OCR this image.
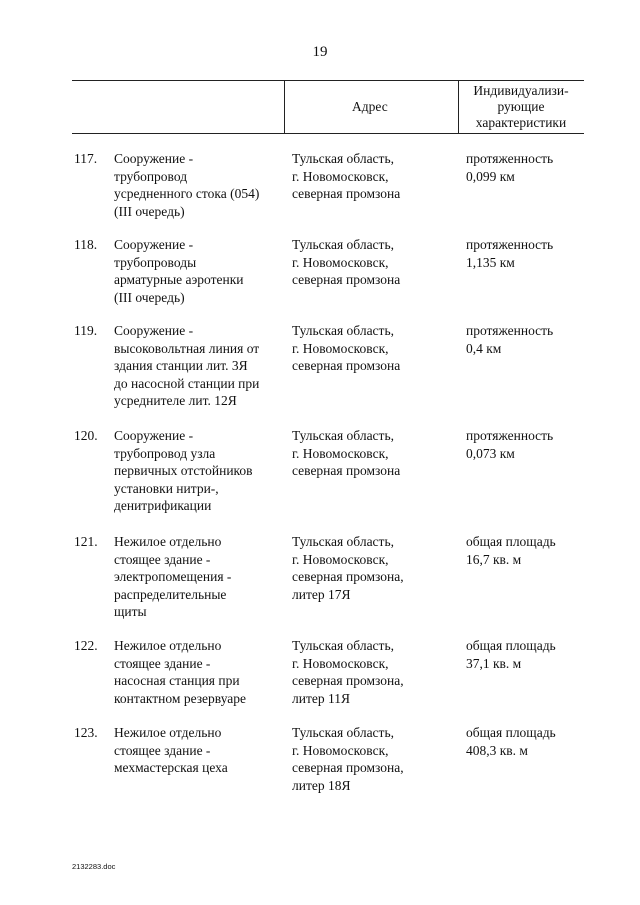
19
Адрес
Индивидуализи-
рующие
характеристики
117. Сооружение -
трубопровод
усредненного стока (054)
(III очередь)
Тульская область,
г. Новомосковск,
северная промзона
протяженность
0,099 км
118. Сооружение -
трубопроводы
арматурные аэротенки
(III очередь)
Тульская область,
г. Новомосковск,
северная промзона
протяженность
1,135 км
119. Сооружение -
высоковольтная линия от
здания станции лит. 3Я
до насосной станции при
усреднителе лит. 12Я
Тульская область,
г. Новомосковск,
северная промзона
протяженность
0,4 км
120. Сооружение -
трубопровод узла
первичных отстойников
установки нитри-,
денитрификации
Тульская область,
г. Новомосковск,
северная промзона
протяженность
0,073 км
121. Нежилое отдельно
стоящее здание -
электропомещения -
распределительные
щиты
Тульская область,
г. Новомосковск,
северная промзона,
литер 17Я
общая площадь
16,7 кв. м
122. Нежилое отдельно
стоящее здание -
насосная станция при
контактном резервуаре
Тульская область,
г. Новомосковск,
северная промзона,
литер 11Я
общая площадь
37,1 кв. м
123. Нежилое отдельно
стоящее здание -
мехмастерская цеха
Тульская область,
г. Новомосковск,
северная промзона,
литер 18Я
общая площадь
408,3 кв. м
2132283.doc
